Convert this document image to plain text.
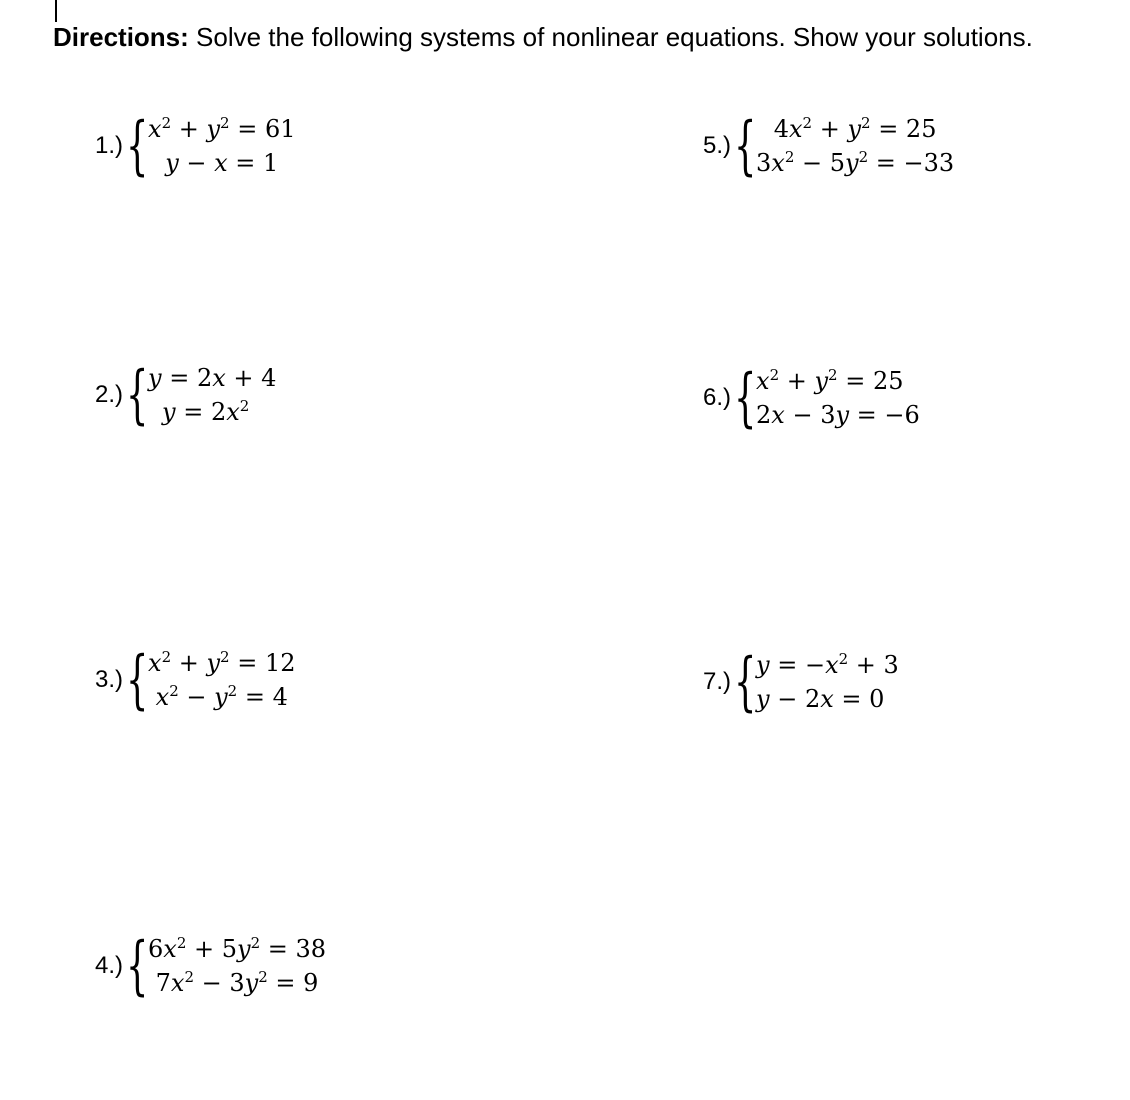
Directions: Solve the following systems of nonlinear equations. Show your solutions.
1.) { $x^2 + y^2 = 61$
y − x = 1
2.) { y = 2x + 4
$y = 2x^2$
3.) { $x^2 + y^2 = 12$
$x^2 - y^2 = 4$
4.) { $6x^2 + 5y^2 = 38$
$7x^2 - 3y^2 = 9$
5.) { $4x^2 + y^2 = 25$
$3x^2 - 5y^2 = -33$
6.) { $x^2 + y^2 = 25$
2x − 3y = −6
7.) { $y = -x^2 + 3$
y − 2x = 0
